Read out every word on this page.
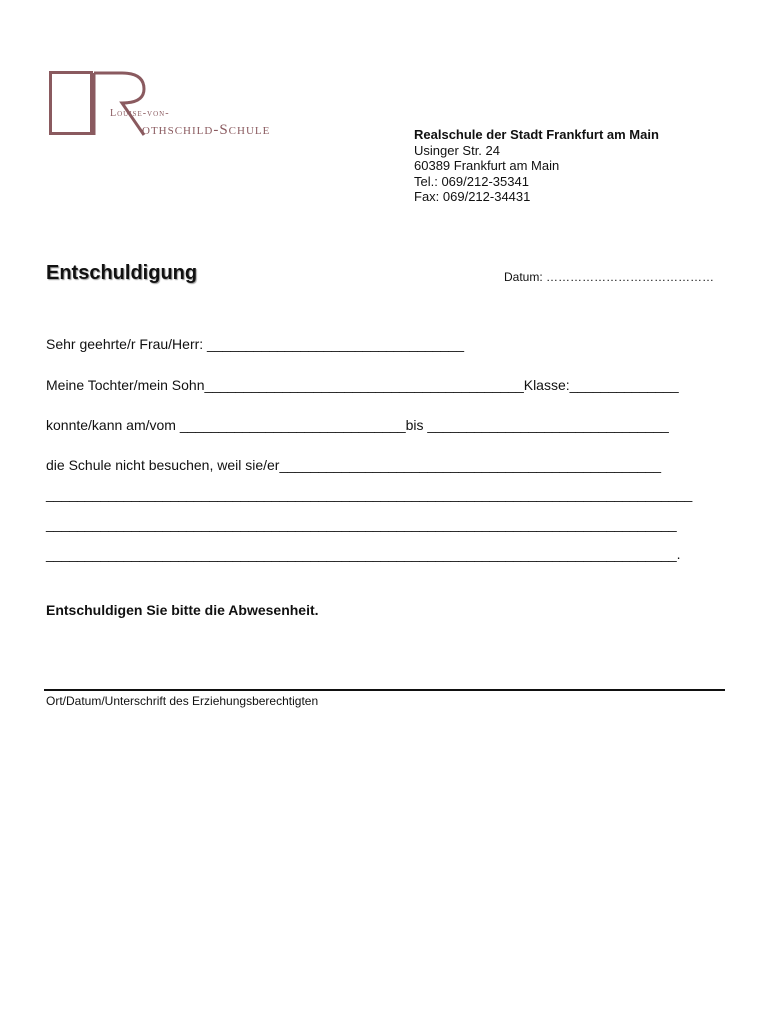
Louise-von-
othschild-Schule	Realschule der Stadt Frankfurt am Main
Usinger Str. 24
60389 Frankfurt am Main
Tel.: 069/212-35341
Fax: 069/212-34431
Entschuldigung	Datum: ……………………………………
Sehr geehrte/r Frau/Herr: _________________________________
Meine Tochter/mein Sohn_________________________________________Klasse:______________
konnte/kann am/vom _____________________________bis _______________________________
die Schule nicht besuchen, weil sie/er_________________________________________________
___________________________________________________________________________________
_________________________________________________________________________________
_________________________________________________________________________________.
Entschuldigen Sie bitte die Abwesenheit.
Ort/Datum/Unterschrift des Erziehungsberechtigten
